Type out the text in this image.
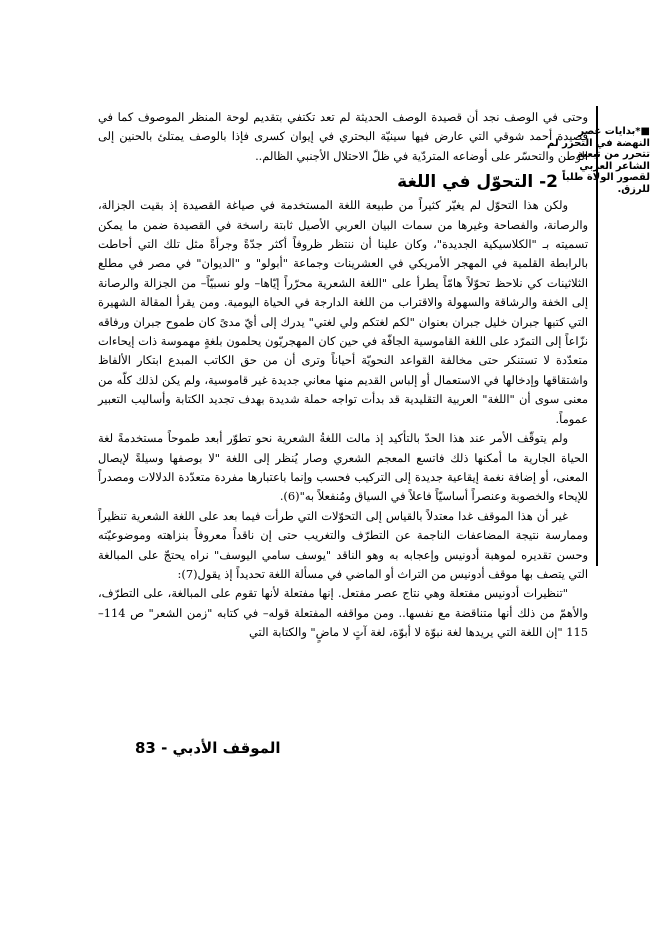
■*بدايات عصر النهضة في التحرر لم تتحرر من تبعية الشاعر العربي لقصور الولاة طلباً للرزق.

وحتى في الوصف نجد أن قصيدة الوصف الحديثة لم تعد تكتفي بتقديم لوحة المنظر الموصوف كما في قصيدة أحمد شوقي التي عارض فيها سينيّة البحتري في إيوان كسرى فإذا بالوصف يمتلئ بالحنين إلى الوطن والتحسّر على أوضاعه المتردّية في ظلّ الاحتلال الأجنبي الظالم..

2- التحوّل في اللغة

ولكن هذا التحوّل لم يغيّر كثيراً من طبيعة اللغة المستخدمة في صياغة القصيدة إذ بقيت الجزالة، والرصانة، والفصاحة وغيرها من سمات البيان العربي الأصيل ثابتة راسخة في القصيدة ضمن ما يمكن تسميته بـ "الكلاسيكية الجديدة"، وكان علينا أن ننتظر ظروفاً أكثر جدّةً وجرأةً مثل تلك التي أحاطت بالرابطة القلمية في المهجر الأمريكي في العشرينات وجماعة "أبولو" و "الديوان" في مصر في مطلع الثلاثينات كي نلاحظ تحوّلاً هامّاً يطرأ على "اللغة الشعرية محرّراً إيّاها– ولو نسبيّاً– من الجزالة والرصانة إلى الخفة والرشاقة والسهولة والاقتراب من اللغة الدارجة في الحياة اليومية. ومن يقرأ المقالة الشهيرة التي كتبها جبران خليل جبران بعنوان "لكم لغتكم ولي لغتي" يدرك إلى أيّ مدىً كان طموح جبران ورفاقه نزّاعاً إلى التمرّد على اللغة القاموسية الجافّة في حين كان المهجريّون يحلمون بلغةٍ مهموسة ذات إيحاءات متعدّدة لا تستنكر حتى مخالفة القواعد النحويّة أحياناً وترى أن من حق الكاتب المبدع ابتكار الألفاظ واشتقاقها وإدخالها في الاستعمال أو إلباس القديم منها معاني جديدة غير قاموسية، ولم يكن لذلك كلّه من معنى سوى أن "اللغة" العربية التقليدية قد بدأت تواجه حملة شديدة بهدف تجديد الكتابة وأساليب التعبير عموماً.

ولم يتوقّف الأمر عند هذا الحدّ بالتأكيد إذ مالت اللغةُ الشعرية نحو تطوّر أبعد طموحاً مستخدمةً لغة الحياة الجارية ما أمكنها ذلك فاتسع المعجم الشعري وصار يُنظر إلى اللغة "لا بوصفها وسيلةً لإيصال المعنى، أو إضافة نغمة إيقاعية جديدة إلى التركيب فحسب وإنما باعتبارها مفردة متعدّدة الدلالات ومصدراً للإيحاء والخصوبة وعنصراً أساسيّاً فاعلاً في السياق ومُنفعلاً به"(6).

غير أن هذا الموقف غدا معتدلاً بالقياس إلى التحوّلات التي طرأت فيما بعد على اللغة الشعرية تنظيراً وممارسة نتيجة المضاعفات الناجمة عن التطرّف والتغريب حتى إن ناقداً معروفاً بنزاهته وموضوعيّته وحسن تقديره لموهبة أدونيس وإعجابه به وهو الناقد "يوسف سامي اليوسف" نراه يحتجّ على المبالغة التي يتصف بها موقف أدونيس من التراث أو الماضي في مسألة اللغة تحديداً إذ يقول(7):

"تنظيرات أدونيس مفتعلة وهي نتاج عصر مفتعل. إنها مفتعلة لأنها تقوم على المبالغة، على التطرّف، والأهمّ من ذلك أنها متناقضة مع نفسها.. ومن مواقفه المفتعلة قوله– في كتابه "زمن الشعر" ص 114–115 "إن اللغة التي يريدها لغة نبوّة لا أبوّة، لغة آتٍ لا ماضٍ" والكتابة التي

الموقف الأدبي - 83
